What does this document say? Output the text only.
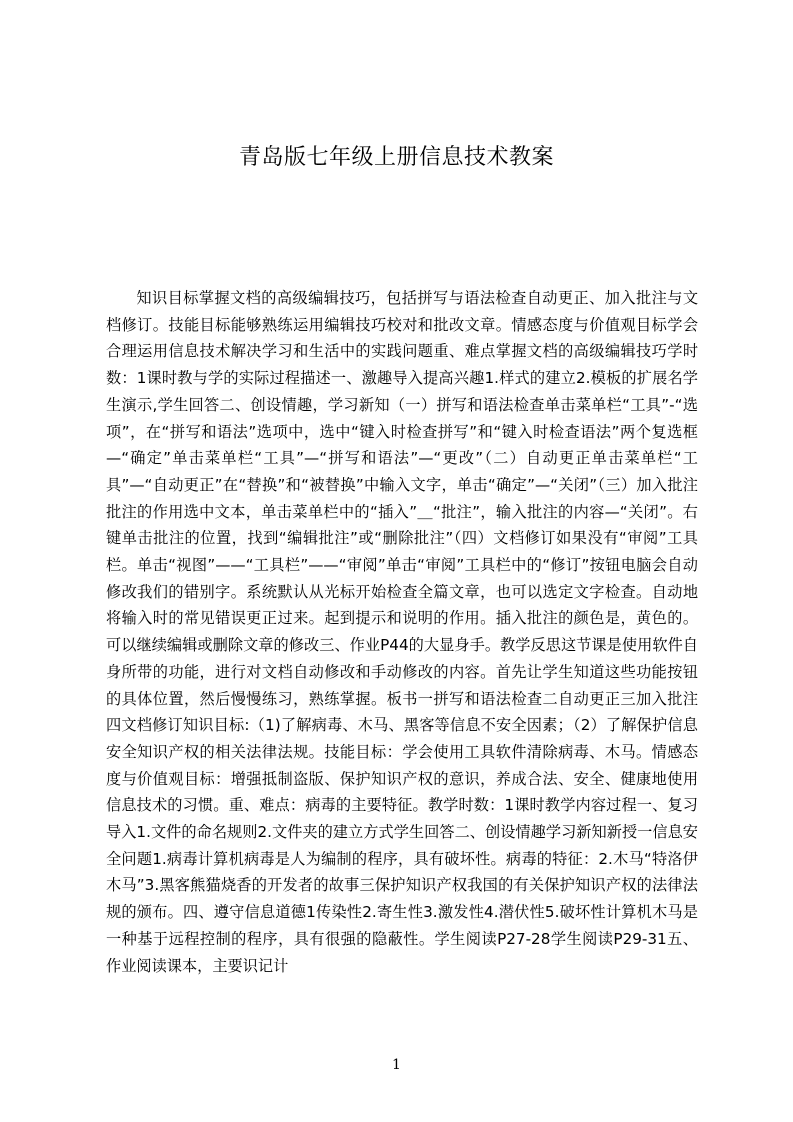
青岛版七年级上册信息技术教案

知识目标掌握文档的高级编辑技巧，包括拼写与语法检查自动更正、加入批注与文档修订。技能目标能够熟练运用编辑技巧校对和批改文章。情感态度与价值观目标学会合理运用信息技术解决学习和生活中的实践问题重、难点掌握文档的高级编辑技巧学时数：1课时教与学的实际过程描述一、激趣导入提高兴趣1.样式的建立2.模板的扩展名学生演示,学生回答二、创设情趣，学习新知（一）拼写和语法检查单击菜单栏“工具”-“选项”，在“拼写和语法”选项中，选中“键入时检查拼写”和“键入时检查语法”两个复选框—“确定”单击菜单栏“工具”—“拼写和语法”—“更改”（二）自动更正单击菜单栏“工具”—“自动更正”在“替换”和“被替换”中输入文字，单击“确定”—“关闭”（三）加入批注批注的作用选中文本，单击菜单栏中的“插入”＿“批注”，输入批注的内容—“关闭”。右键单击批注的位置，找到“编辑批注”或“删除批注”（四）文档修订如果没有“审阅”工具栏。单击“视图”——“工具栏”——“审阅”单击“审阅”工具栏中的“修订”按钮电脑会自动修改我们的错别字。系统默认从光标开始检查全篇文章，也可以选定文字检查。自动地将输入时的常见错误更正过来。起到提示和说明的作用。插入批注的颜色是，黄色的。可以继续编辑或删除文章的修改三、作业P44的大显身手。教学反思这节课是使用软件自身所带的功能，进行对文档自动修改和手动修改的内容。首先让学生知道这些功能按钮的具体位置，然后慢慢练习，熟练掌握。板书一拼写和语法检查二自动更正三加入批注四文档修订知识目标:（1)了解病毒、木马、黑客等信息不安全因素；（2）了解保护信息安全知识产权的相关法律法规。技能目标：学会使用工具软件清除病毒、木马。情感态度与价值观目标：增强抵制盗版、保护知识产权的意识，养成合法、安全、健康地使用信息技术的习惯。重、难点：病毒的主要特征。教学时数：1课时教学内容过程一、复习导入1.文件的命名规则2.文件夹的建立方式学生回答二、创设情趣学习新知新授一信息安全问题1.病毒计算机病毒是人为编制的程序，具有破坏性。病毒的特征：2.木马“特洛伊木马”3.黑客熊猫烧香的开发者的故事三保护知识产权我国的有关保护知识产权的法律法规的颁布。四、遵守信息道德1传染性2.寄生性3.激发性4.潜伏性5.破坏性计算机木马是一种基于远程控制的程序，具有很强的隐蔽性。学生阅读P27-28学生阅读P29-31五、作业阅读课本，主要识记计

1
